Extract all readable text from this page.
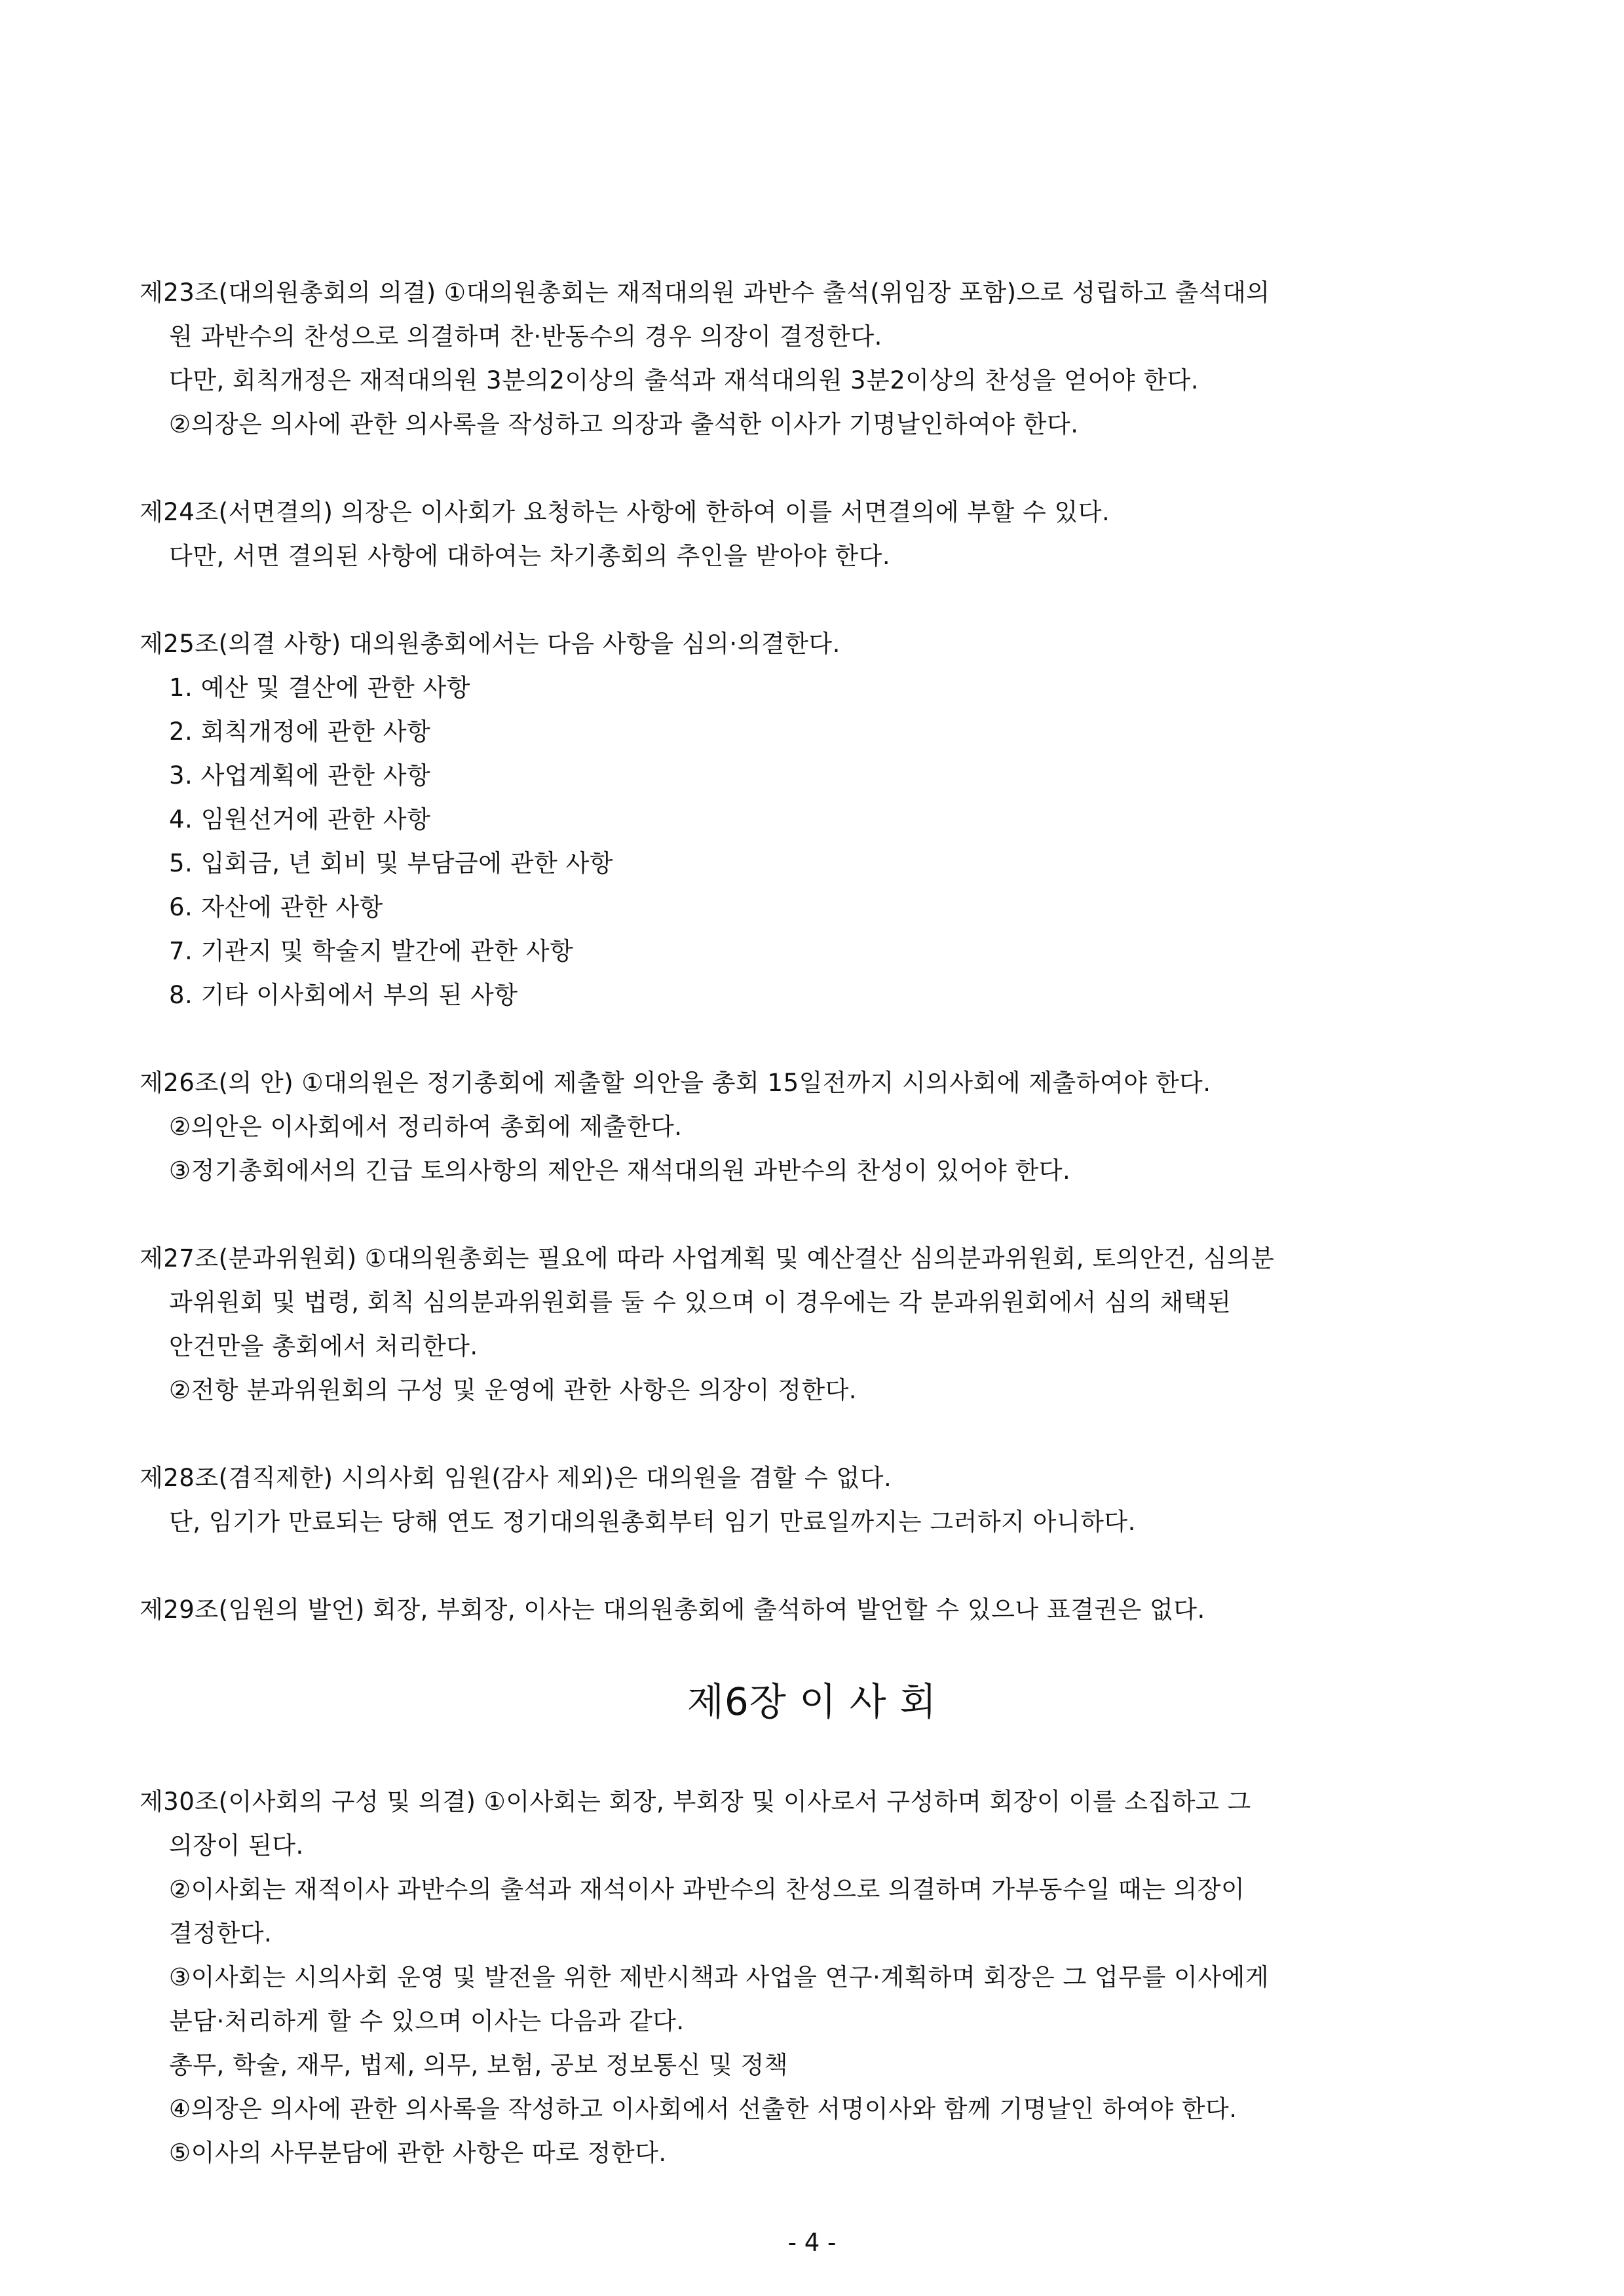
제23조(대의원총회의 의결) ①대의원총회는 재적대의원 과반수 출석(위임장 포함)으로 성립하고 출석대의
원 과반수의 찬성으로 의결하며 찬·반동수의 경우 의장이 결정한다.
다만, 회칙개정은 재적대의원 3분의2이상의 출석과 재석대의원 3분2이상의 찬성을 얻어야 한다.
②의장은 의사에 관한 의사록을 작성하고 의장과 출석한 이사가 기명날인하여야 한다.
제24조(서면결의) 의장은 이사회가 요청하는 사항에 한하여 이를 서면결의에 부할 수 있다.
다만, 서면 결의된 사항에 대하여는 차기총회의 추인을 받아야 한다.
제25조(의결 사항) 대의원총회에서는 다음 사항을 심의·의결한다.
1. 예산 및 결산에 관한 사항
2. 회칙개정에 관한 사항
3. 사업계획에 관한 사항
4. 임원선거에 관한 사항
5. 입회금, 년 회비 및 부담금에 관한 사항
6. 자산에 관한 사항
7. 기관지 및 학술지 발간에 관한 사항
8. 기타 이사회에서 부의 된 사항
제26조(의 안) ①대의원은 정기총회에 제출할 의안을 총회 15일전까지 시의사회에 제출하여야 한다.
②의안은 이사회에서 정리하여 총회에 제출한다.
③정기총회에서의 긴급 토의사항의 제안은 재석대의원 과반수의 찬성이 있어야 한다.
제27조(분과위원회) ①대의원총회는 필요에 따라 사업계획 및 예산결산 심의분과위원회, 토의안건, 심의분
과위원회 및 법령, 회칙 심의분과위원회를 둘 수 있으며 이 경우에는 각 분과위원회에서 심의 채택된
안건만을 총회에서 처리한다.
②전항 분과위원회의 구성 및 운영에 관한 사항은 의장이 정한다.
제28조(겸직제한) 시의사회 임원(감사 제외)은 대의원을 겸할 수 없다.
단, 임기가 만료되는 당해 연도 정기대의원총회부터 임기 만료일까지는 그러하지 아니하다.
제29조(임원의 발언) 회장, 부회장, 이사는 대의원총회에 출석하여 발언할 수 있으나 표결권은 없다.
제6장 이 사 회
제30조(이사회의 구성 및 의결) ①이사회는 회장, 부회장 및 이사로서 구성하며 회장이 이를 소집하고 그
의장이 된다.
②이사회는 재적이사 과반수의 출석과 재석이사 과반수의 찬성으로 의결하며 가부동수일 때는 의장이
결정한다.
③이사회는 시의사회 운영 및 발전을 위한 제반시책과 사업을 연구·계획하며 회장은 그 업무를 이사에게
분담·처리하게 할 수 있으며 이사는 다음과 같다.
총무, 학술, 재무, 법제, 의무, 보험, 공보 정보통신 및 정책
④의장은 의사에 관한 의사록을 작성하고 이사회에서 선출한 서명이사와 함께 기명날인 하여야 한다.
⑤이사의 사무분담에 관한 사항은 따로 정한다.
- 4 -
